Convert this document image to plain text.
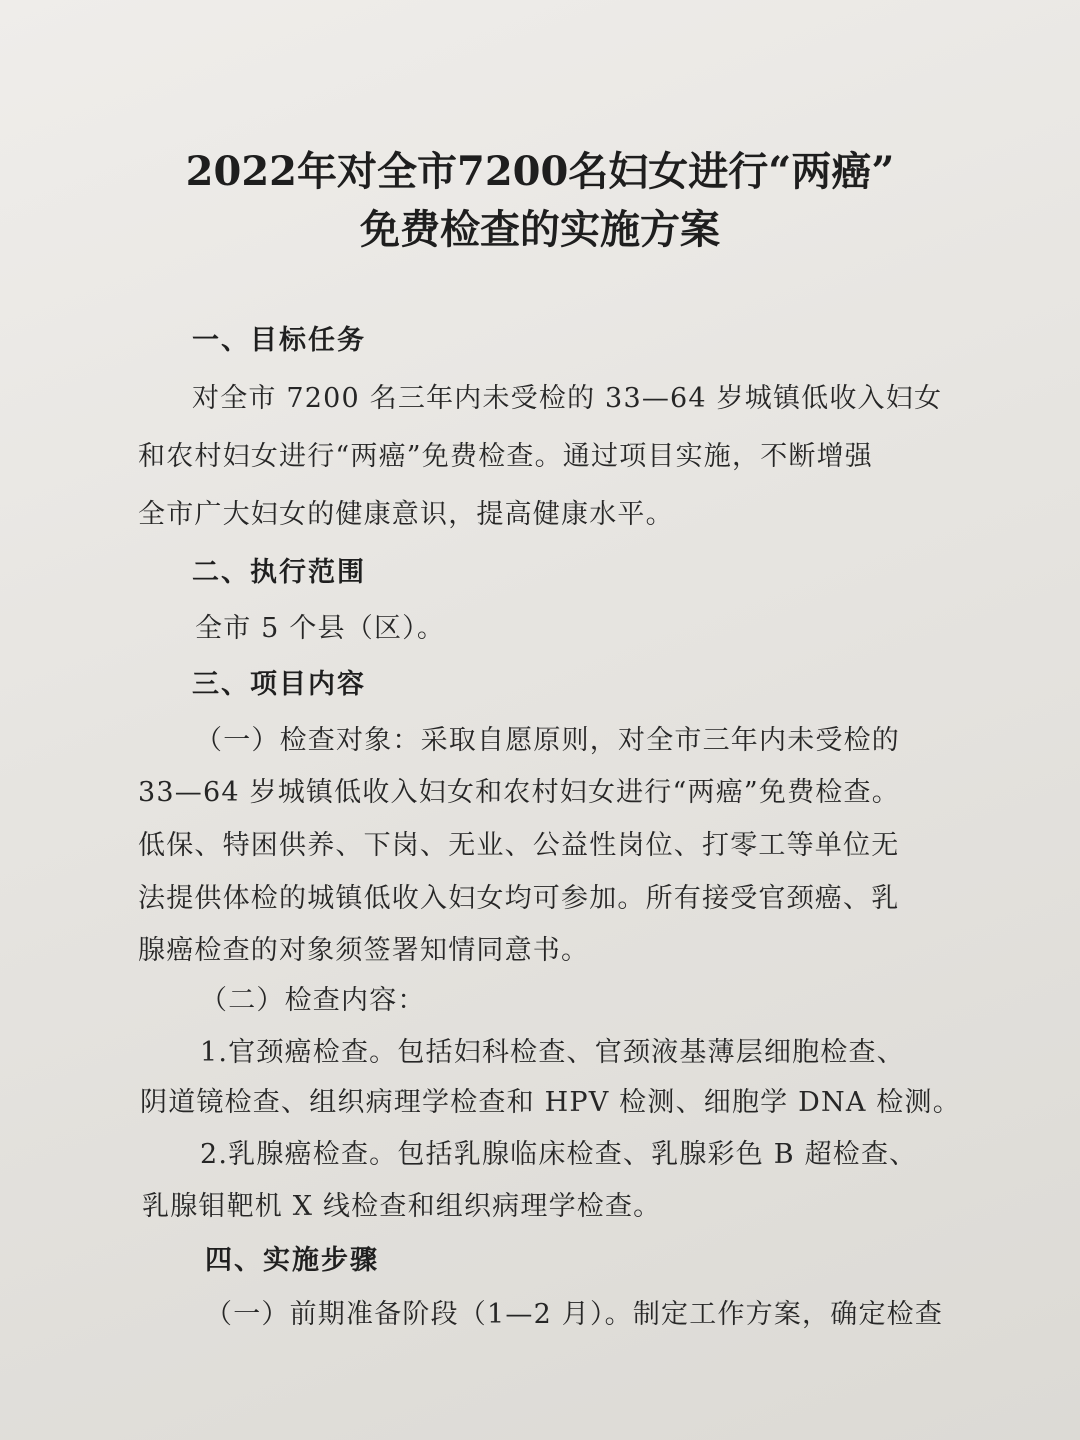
2022年对全市7200名妇女进行“两癌”
免费检查的实施方案

一、目标任务

对全市 7200 名三年内未受检的 33—64 岁城镇低收入妇女

和农村妇女进行“两癌”免费检查。通过项目实施，不断增强

全市广大妇女的健康意识，提高健康水平。

二、执行范围

全市 5 个县（区）。

三、项目内容

（一）检查对象：采取自愿原则，对全市三年内未受检的

33—64 岁城镇低收入妇女和农村妇女进行“两癌”免费检查。

低保、特困供养、下岗、无业、公益性岗位、打零工等单位无

法提供体检的城镇低收入妇女均可参加。所有接受官颈癌、乳

腺癌检查的对象须签署知情同意书。

（二）检查内容：

1.官颈癌检查。包括妇科检查、官颈液基薄层细胞检查、

阴道镜检查、组织病理学检查和 HPV 检测、细胞学 DNA 检测。

2.乳腺癌检查。包括乳腺临床检查、乳腺彩色 B 超检查、

乳腺钼靶机 X 线检查和组织病理学检查。

四、实施步骤

（一）前期准备阶段（1—2 月）。制定工作方案，确定检查
